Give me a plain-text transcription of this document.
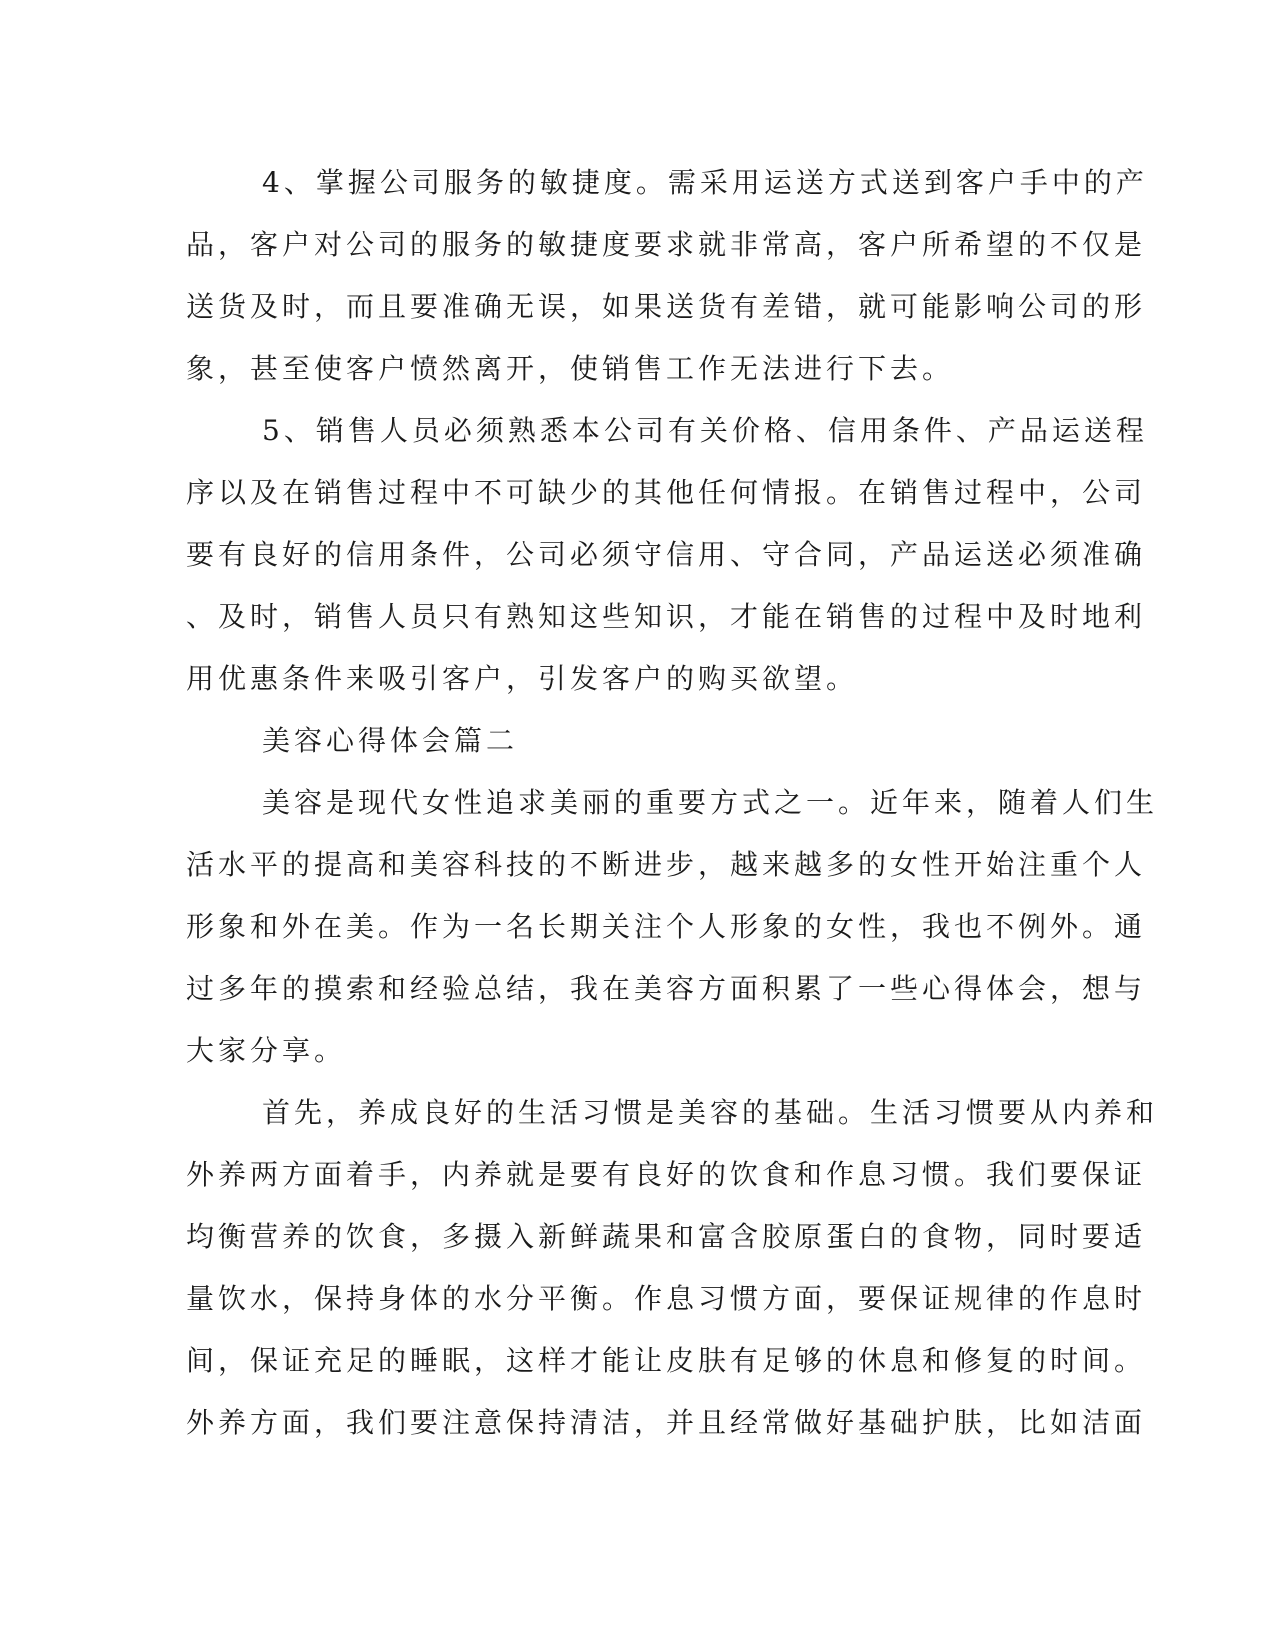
4、掌握公司服务的敏捷度。需采用运送方式送到客户手中的产
品，客户对公司的服务的敏捷度要求就非常高，客户所希望的不仅是
送货及时，而且要准确无误，如果送货有差错，就可能影响公司的形
象，甚至使客户愤然离开，使销售工作无法进行下去。
5、销售人员必须熟悉本公司有关价格、信用条件、产品运送程
序以及在销售过程中不可缺少的其他任何情报。在销售过程中，公司
要有良好的信用条件，公司必须守信用、守合同，产品运送必须准确
、及时，销售人员只有熟知这些知识，才能在销售的过程中及时地利
用优惠条件来吸引客户，引发客户的购买欲望。
美容心得体会篇二
美容是现代女性追求美丽的重要方式之一。近年来，随着人们生
活水平的提高和美容科技的不断进步，越来越多的女性开始注重个人
形象和外在美。作为一名长期关注个人形象的女性，我也不例外。通
过多年的摸索和经验总结，我在美容方面积累了一些心得体会，想与
大家分享。
首先，养成良好的生活习惯是美容的基础。生活习惯要从内养和
外养两方面着手，内养就是要有良好的饮食和作息习惯。我们要保证
均衡营养的饮食，多摄入新鲜蔬果和富含胶原蛋白的食物，同时要适
量饮水，保持身体的水分平衡。作息习惯方面，要保证规律的作息时
间，保证充足的睡眠，这样才能让皮肤有足够的休息和修复的时间。
外养方面，我们要注意保持清洁，并且经常做好基础护肤，比如洁面
